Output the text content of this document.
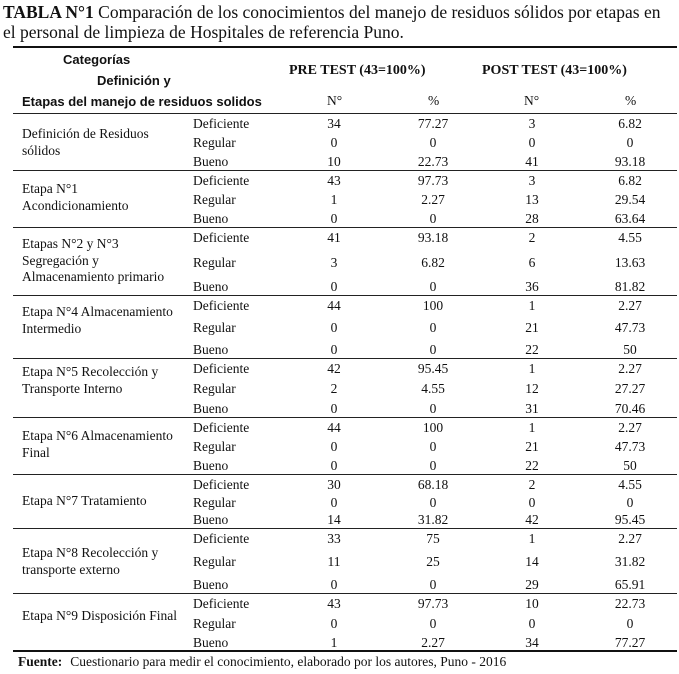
TABLA N°1 Comparación de los conocimientos del manejo de residuos sólidos por etapas en el personal de limpieza de Hospitales de referencia Puno.
Categorías
Definición y
Etapas del manejo de residuos solidos
PRE TEST (43=100%)	POST TEST (43=100%)
N°	%	N°	%
Definición de Residuos sólidos
Deficiente	34	77.27	3	6.82
Regular	0	0	0	0
Bueno	10	22.73	41	93.18
Etapa N°1 Acondicionamiento
Deficiente	43	97.73	3	6.82
Regular	1	2.27	13	29.54
Bueno	0	0	28	63.64
Etapas N°2 y N°3 Segregación y Almacenamiento primario
Deficiente	41	93.18	2	4.55
Regular	3	6.82	6	13.63
Bueno	0	0	36	81.82
Etapa N°4 Almacenamiento Intermedio
Deficiente	44	100	1	2.27
Regular	0	0	21	47.73
Bueno	0	0	22	50
Etapa N°5 Recolección y Transporte Interno
Deficiente	42	95.45	1	2.27
Regular	2	4.55	12	27.27
Bueno	0	0	31	70.46
Etapa N°6 Almacenamiento Final
Deficiente	44	100	1	2.27
Regular	0	0	21	47.73
Bueno	0	0	22	50
Etapa N°7 Tratamiento
Deficiente	30	68.18	2	4.55
Regular	0	0	0	0
Bueno	14	31.82	42	95.45
Etapa N°8 Recolección y transporte externo
Deficiente	33	75	1	2.27
Regular	11	25	14	31.82
Bueno	0	0	29	65.91
Etapa N°9 Disposición Final
Deficiente	43	97.73	10	22.73
Regular	0	0	0	0
Bueno	1	2.27	34	77.27
Fuente: Cuestionario para medir el conocimiento, elaborado por los autores, Puno - 2016
